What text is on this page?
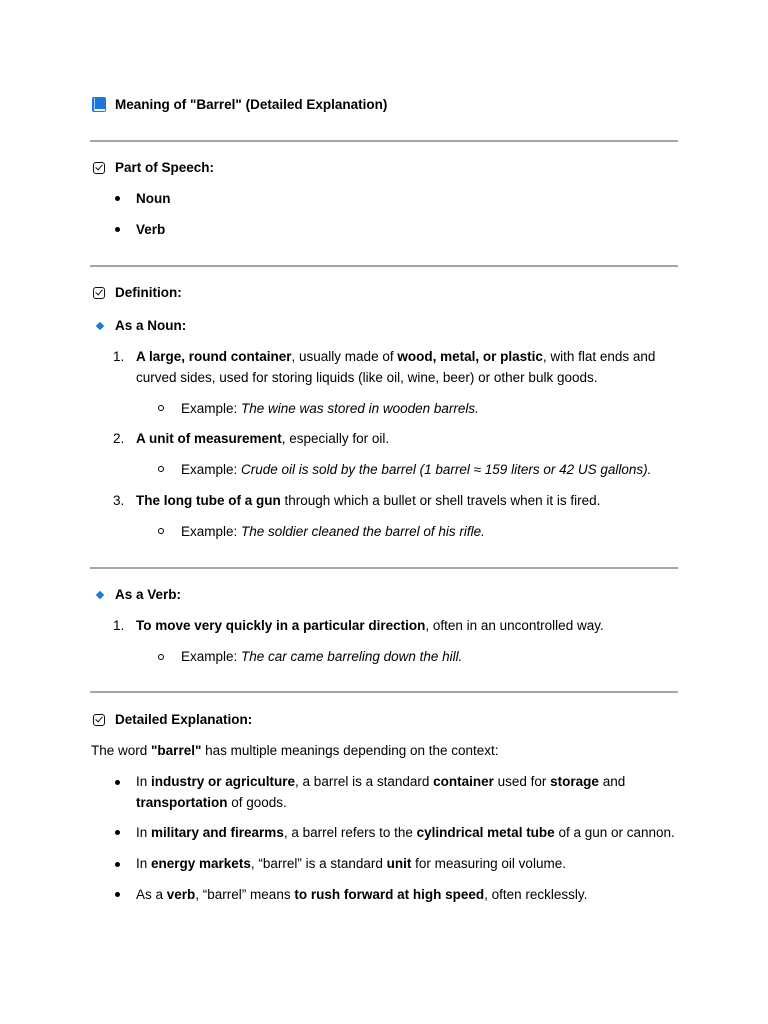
Meaning of "Barrel" (Detailed Explanation)
Part of Speech:
Noun
Verb
Definition:
As a Noun:
1. A large, round container, usually made of wood, metal, or plastic, with flat ends and
curved sides, used for storing liquids (like oil, wine, beer) or other bulk goods.
Example: The wine was stored in wooden barrels.
2. A unit of measurement, especially for oil.
Example: Crude oil is sold by the barrel (1 barrel ≈ 159 liters or 42 US gallons).
3. The long tube of a gun through which a bullet or shell travels when it is fired.
Example: The soldier cleaned the barrel of his rifle.
As a Verb:
1. To move very quickly in a particular direction, often in an uncontrolled way.
Example: The car came barreling down the hill.
Detailed Explanation:
The word "barrel" has multiple meanings depending on the context:
In industry or agriculture, a barrel is a standard container used for storage and
transportation of goods.
In military and firearms, a barrel refers to the cylindrical metal tube of a gun or cannon.
In energy markets, “barrel” is a standard unit for measuring oil volume.
As a verb, “barrel” means to rush forward at high speed, often recklessly.
